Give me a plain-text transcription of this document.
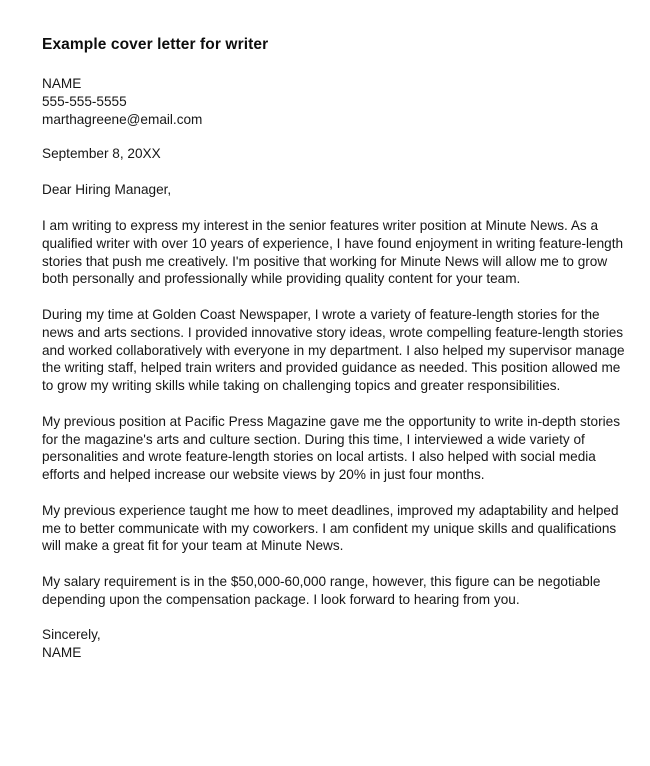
Example cover letter for writer
NAME
555-555-5555
marthagreene@email.com
September 8, 20XX
Dear Hiring Manager,
I am writing to express my interest in the senior features writer position at Minute News. As a qualified writer with over 10 years of experience, I have found enjoyment in writing feature-length stories that push me creatively. I'm positive that working for Minute News will allow me to grow both personally and professionally while providing quality content for your team.
During my time at Golden Coast Newspaper, I wrote a variety of feature-length stories for the news and arts sections. I provided innovative story ideas, wrote compelling feature-length stories and worked collaboratively with everyone in my department. I also helped my supervisor manage the writing staff, helped train writers and provided guidance as needed. This position allowed me to grow my writing skills while taking on challenging topics and greater responsibilities.
My previous position at Pacific Press Magazine gave me the opportunity to write in-depth stories for the magazine's arts and culture section. During this time, I interviewed a wide variety of personalities and wrote feature-length stories on local artists. I also helped with social media efforts and helped increase our website views by 20% in just four months.
My previous experience taught me how to meet deadlines, improved my adaptability and helped me to better communicate with my coworkers. I am confident my unique skills and qualifications will make a great fit for your team at Minute News.
My salary requirement is in the $50,000-60,000 range, however, this figure can be negotiable depending upon the compensation package. I look forward to hearing from you.
Sincerely,
NAME
